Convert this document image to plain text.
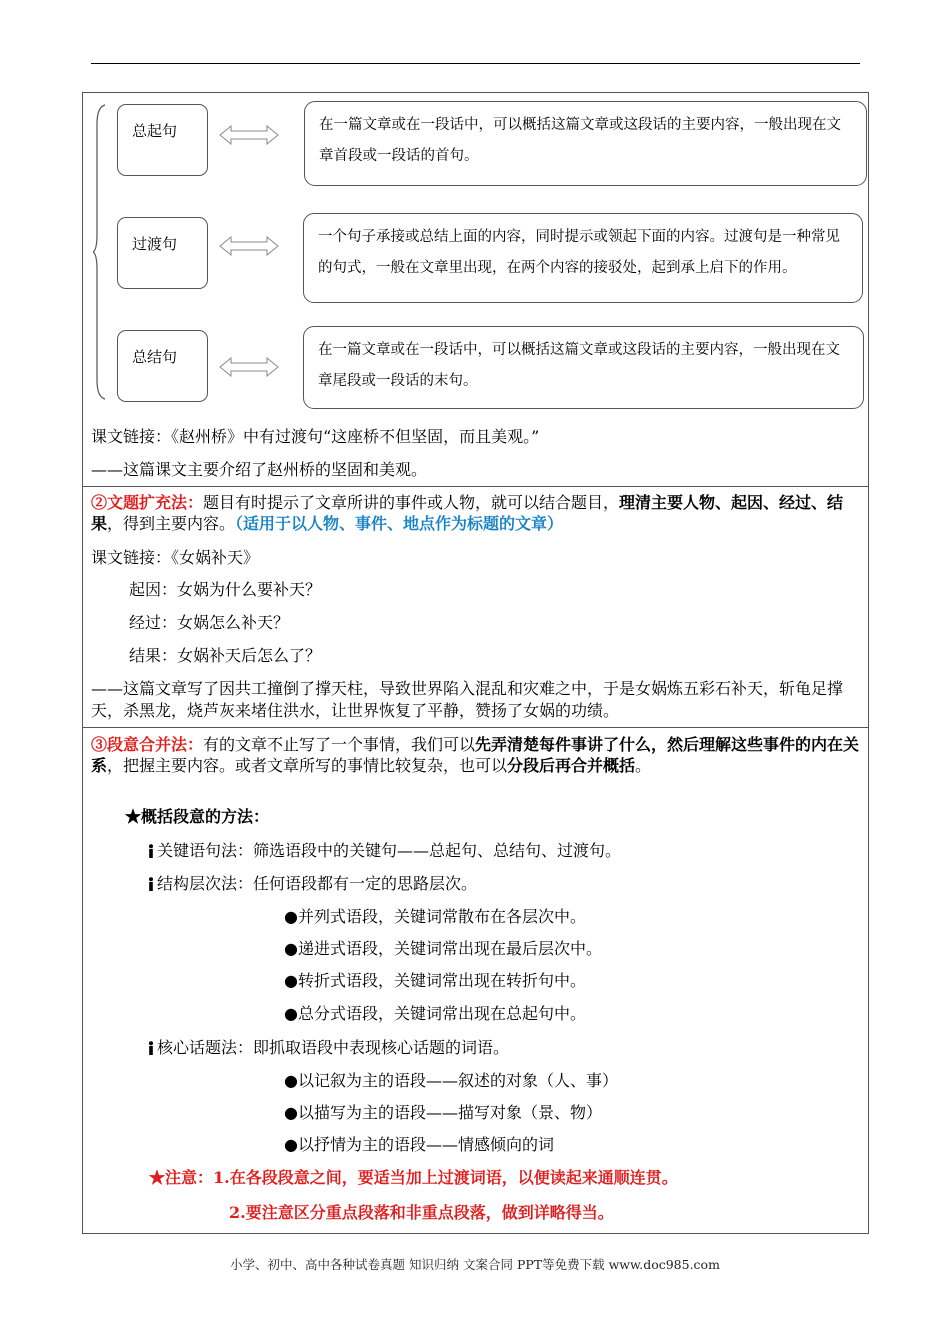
总起句	在一篇文章或在一段话中，可以概括这篇文章或这段话的主要内容，一般出现在文章首段或一段话的首句。
过渡句	一个句子承接或总结上面的内容，同时提示或领起下面的内容。过渡句是一种常见的句式，一般在文章里出现，在两个内容的接驳处，起到承上启下的作用。
总结句	在一篇文章或在一段话中，可以概括这篇文章或这段话的主要内容，一般出现在文章尾段或一段话的末句。
课文链接：《赵州桥》中有过渡句“这座桥不但坚固，而且美观。”
——这篇课文主要介绍了赵州桥的坚固和美观。
②文题扩充法：题目有时提示了文章所讲的事件或人物，就可以结合题目，理清主要人物、起因、经过、结果，得到主要内容。（适用于以人物、事件、地点作为标题的文章）
课文链接：《女娲补天》
起因：女娲为什么要补天？
经过：女娲怎么补天？
结果：女娲补天后怎么了？
——这篇文章写了因共工撞倒了撑天柱，导致世界陷入混乱和灾难之中，于是女娲炼五彩石补天，斩龟足撑天，杀黑龙，烧芦灰来堵住洪水，让世界恢复了平静，赞扬了女娲的功绩。
③段意合并法：有的文章不止写了一个事情，我们可以先弄清楚每件事讲了什么，然后理解这些事件的内在关系，把握主要内容。或者文章所写的事情比较复杂，也可以分段后再合并概括。
★概括段意的方法：
关键语句法：筛选语段中的关键句——总起句、总结句、过渡句。
结构层次法：任何语段都有一定的思路层次。
●并列式语段，关键词常散布在各层次中。
●递进式语段，关键词常出现在最后层次中。
●转折式语段，关键词常出现在转折句中。
●总分式语段，关键词常出现在总起句中。
核心话题法：即抓取语段中表现核心话题的词语。
●以记叙为主的语段——叙述的对象（人、事）
●以描写为主的语段——描写对象（景、物）
●以抒情为主的语段——情感倾向的词
★注意：1.在各段段意之间，要适当加上过渡词语，以便读起来通顺连贯。
2.要注意区分重点段落和非重点段落，做到详略得当。
小学、初中、高中各种试卷真题 知识归纳 文案合同 PPT等免费下载 www.doc985.com
